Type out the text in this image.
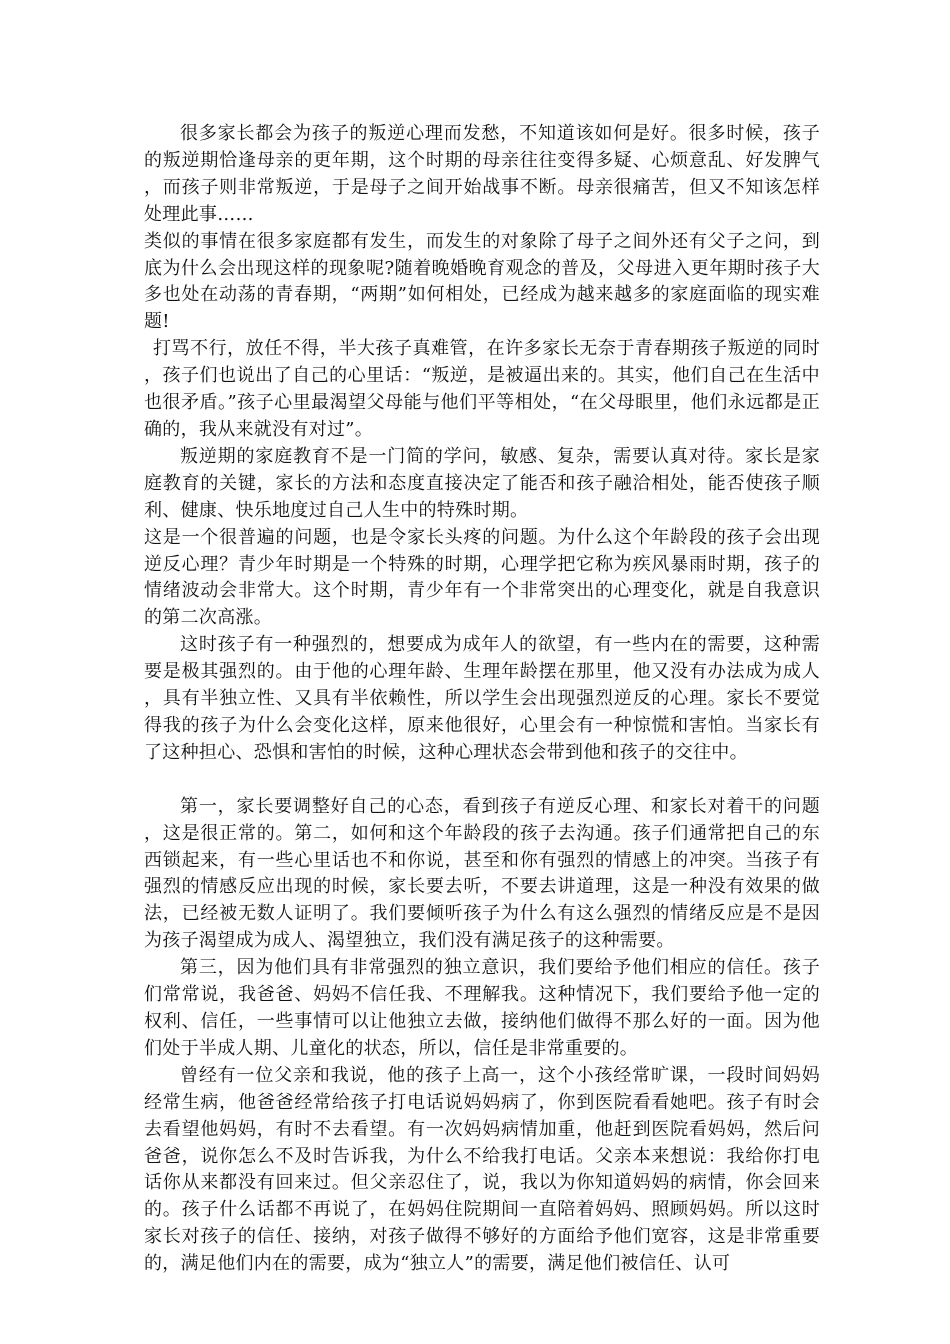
很多家长都会为孩子的叛逆心理而发愁，不知道该如何是好。很多时候，孩子的叛逆期恰逢母亲的更年期，这个时期的母亲往往变得多疑、心烦意乱、好发脾气，而孩子则非常叛逆，于是母子之间开始战事不断。母亲很痛苦，但又不知该怎样处理此事……

类似的事情在很多家庭都有发生，而发生的对象除了母子之间外还有父子之问，到底为什么会出现这样的现象呢?随着晚婚晚育观念的普及，父母进入更年期时孩子大多也处在动荡的青春期，“两期”如何相处，已经成为越来越多的家庭面临的现实难题!

打骂不行，放任不得，半大孩子真难管，在许多家长无奈于青春期孩子叛逆的同时，孩子们也说出了自己的心里话：“叛逆，是被逼出来的。其实，他们自己在生活中也很矛盾。”孩子心里最渴望父母能与他们平等相处，“在父母眼里，他们永远都是正确的，我从来就没有对过”。

叛逆期的家庭教育不是一门简的学问，敏感、复杂，需要认真对待。家长是家庭教育的关键，家长的方法和态度直接决定了能否和孩子融洽相处，能否使孩子顺利、健康、快乐地度过自己人生中的特殊时期。

这是一个很普遍的问题，也是令家长头疼的问题。为什么这个年龄段的孩子会出现逆反心理？青少年时期是一个特殊的时期，心理学把它称为疾风暴雨时期，孩子的情绪波动会非常大。这个时期，青少年有一个非常突出的心理变化，就是自我意识的第二次高涨。

这时孩子有一种强烈的，想要成为成年人的欲望，有一些内在的需要，这种需要是极其强烈的。由于他的心理年龄、生理年龄摆在那里，他又没有办法成为成人，具有半独立性、又具有半依赖性，所以学生会出现强烈逆反的心理。家长不要觉得我的孩子为什么会变化这样，原来他很好，心里会有一种惊慌和害怕。当家长有了这种担心、恐惧和害怕的时候，这种心理状态会带到他和孩子的交往中。

第一，家长要调整好自己的心态，看到孩子有逆反心理、和家长对着干的问题，这是很正常的。第二，如何和这个年龄段的孩子去沟通。孩子们通常把自己的东西锁起来，有一些心里话也不和你说，甚至和你有强烈的情感上的冲突。当孩子有强烈的情感反应出现的时候，家长要去听，不要去讲道理，这是一种没有效果的做法，已经被无数人证明了。我们要倾听孩子为什么有这么强烈的情绪反应是不是因为孩子渴望成为成人、渴望独立，我们没有满足孩子的这种需要。

第三，因为他们具有非常强烈的独立意识，我们要给予他们相应的信任。孩子们常常说，我爸爸、妈妈不信任我、不理解我。这种情况下，我们要给予他一定的权利、信任，一些事情可以让他独立去做，接纳他们做得不那么好的一面。因为他们处于半成人期、儿童化的状态，所以，信任是非常重要的。

曾经有一位父亲和我说，他的孩子上高一，这个小孩经常旷课，一段时间妈妈经常生病，他爸爸经常给孩子打电话说妈妈病了，你到医院看看她吧。孩子有时会去看望他妈妈，有时不去看望。有一次妈妈病情加重，他赶到医院看妈妈，然后问爸爸，说你怎么不及时告诉我，为什么不给我打电话。父亲本来想说：我给你打电话你从来都没有回来过。但父亲忍住了，说，我以为你知道妈妈的病情，你会回来的。孩子什么话都不再说了，在妈妈住院期间一直陪着妈妈、照顾妈妈。所以这时家长对孩子的信任、接纳，对孩子做得不够好的方面给予他们宽容，这是非常重要的，满足他们内在的需要，成为“独立人”的需要，满足他们被信任、认可
